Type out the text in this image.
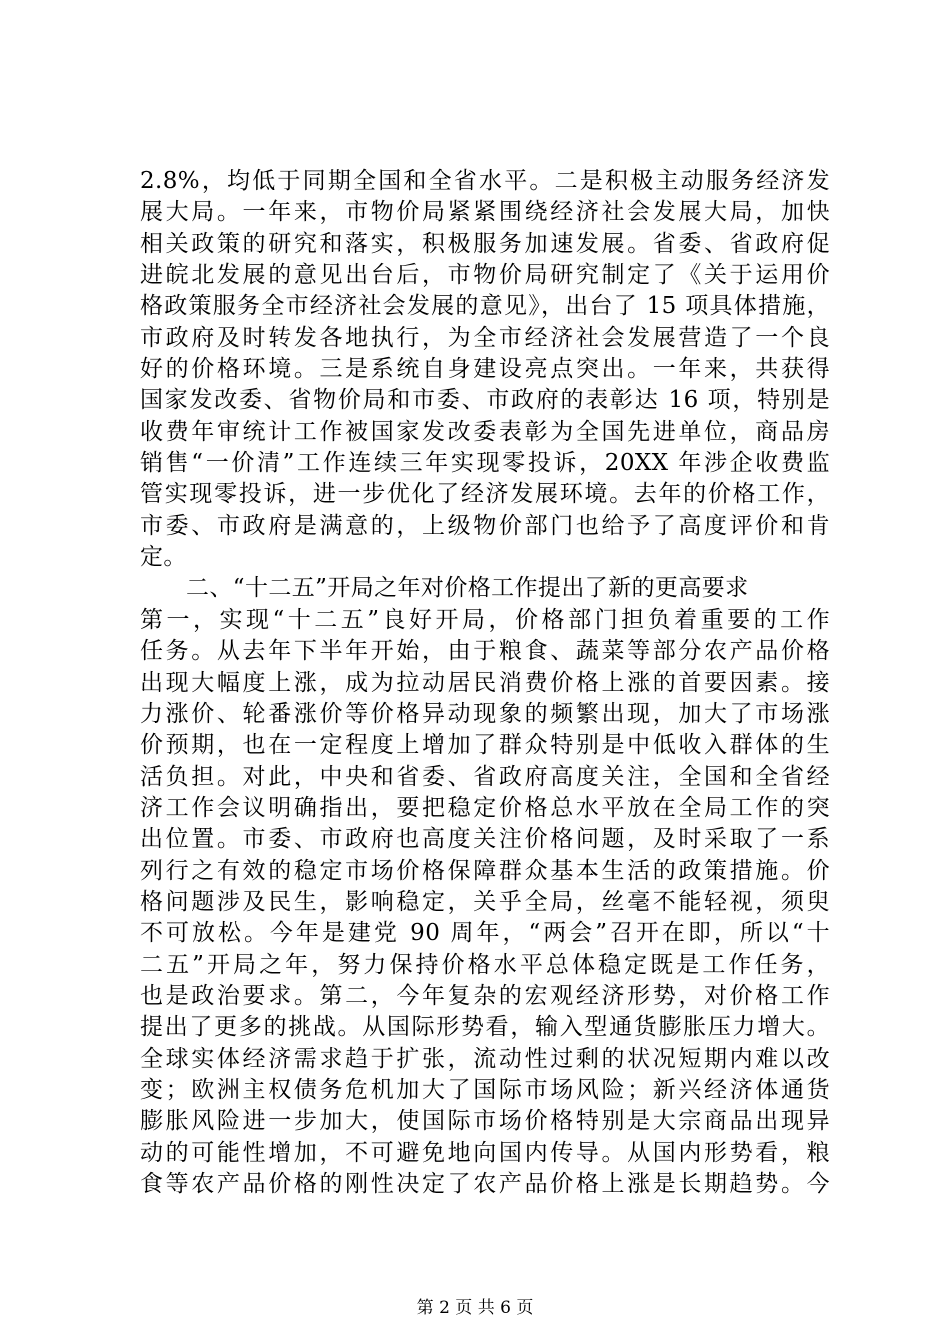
2.8%，均低于同期全国和全省水平。二是积极主动服务经济发
展大局。一年来，市物价局紧紧围绕经济社会发展大局，加快
相关政策的研究和落实，积极服务加速发展。省委、省政府促
进皖北发展的意见出台后，市物价局研究制定了《关于运用价
格政策服务全市经济社会发展的意见》，出台了 15 项具体措施，
市政府及时转发各地执行，为全市经济社会发展营造了一个良
好的价格环境。三是系统自身建设亮点突出。一年来，共获得
国家发改委、省物价局和市委、市政府的表彰达 16 项，特别是
收费年审统计工作被国家发改委表彰为全国先进单位，商品房
销售“一价清”工作连续三年实现零投诉，20XX 年涉企收费监
管实现零投诉，进一步优化了经济发展环境。去年的价格工作，
市委、市政府是满意的，上级物价部门也给予了高度评价和肯
定。
二、“十二五”开局之年对价格工作提出了新的更高要求
第一，实现“十二五”良好开局，价格部门担负着重要的工作
任务。从去年下半年开始，由于粮食、蔬菜等部分农产品价格
出现大幅度上涨，成为拉动居民消费价格上涨的首要因素。接
力涨价、轮番涨价等价格异动现象的频繁出现，加大了市场涨
价预期，也在一定程度上增加了群众特别是中低收入群体的生
活负担。对此，中央和省委、省政府高度关注，全国和全省经
济工作会议明确指出，要把稳定价格总水平放在全局工作的突
出位置。市委、市政府也高度关注价格问题，及时采取了一系
列行之有效的稳定市场价格保障群众基本生活的政策措施。价
格问题涉及民生，影响稳定，关乎全局，丝毫不能轻视，须臾
不可放松。今年是建党 90 周年，“两会”召开在即，所以“十
二五”开局之年，努力保持价格水平总体稳定既是工作任务，
也是政治要求。第二，今年复杂的宏观经济形势，对价格工作
提出了更多的挑战。从国际形势看，输入型通货膨胀压力增大。
全球实体经济需求趋于扩张，流动性过剩的状况短期内难以改
变；欧洲主权债务危机加大了国际市场风险；新兴经济体通货
膨胀风险进一步加大，使国际市场价格特别是大宗商品出现异
动的可能性增加，不可避免地向国内传导。从国内形势看，粮
食等农产品价格的刚性决定了农产品价格上涨是长期趋势。今
第 2 页 共 6 页
